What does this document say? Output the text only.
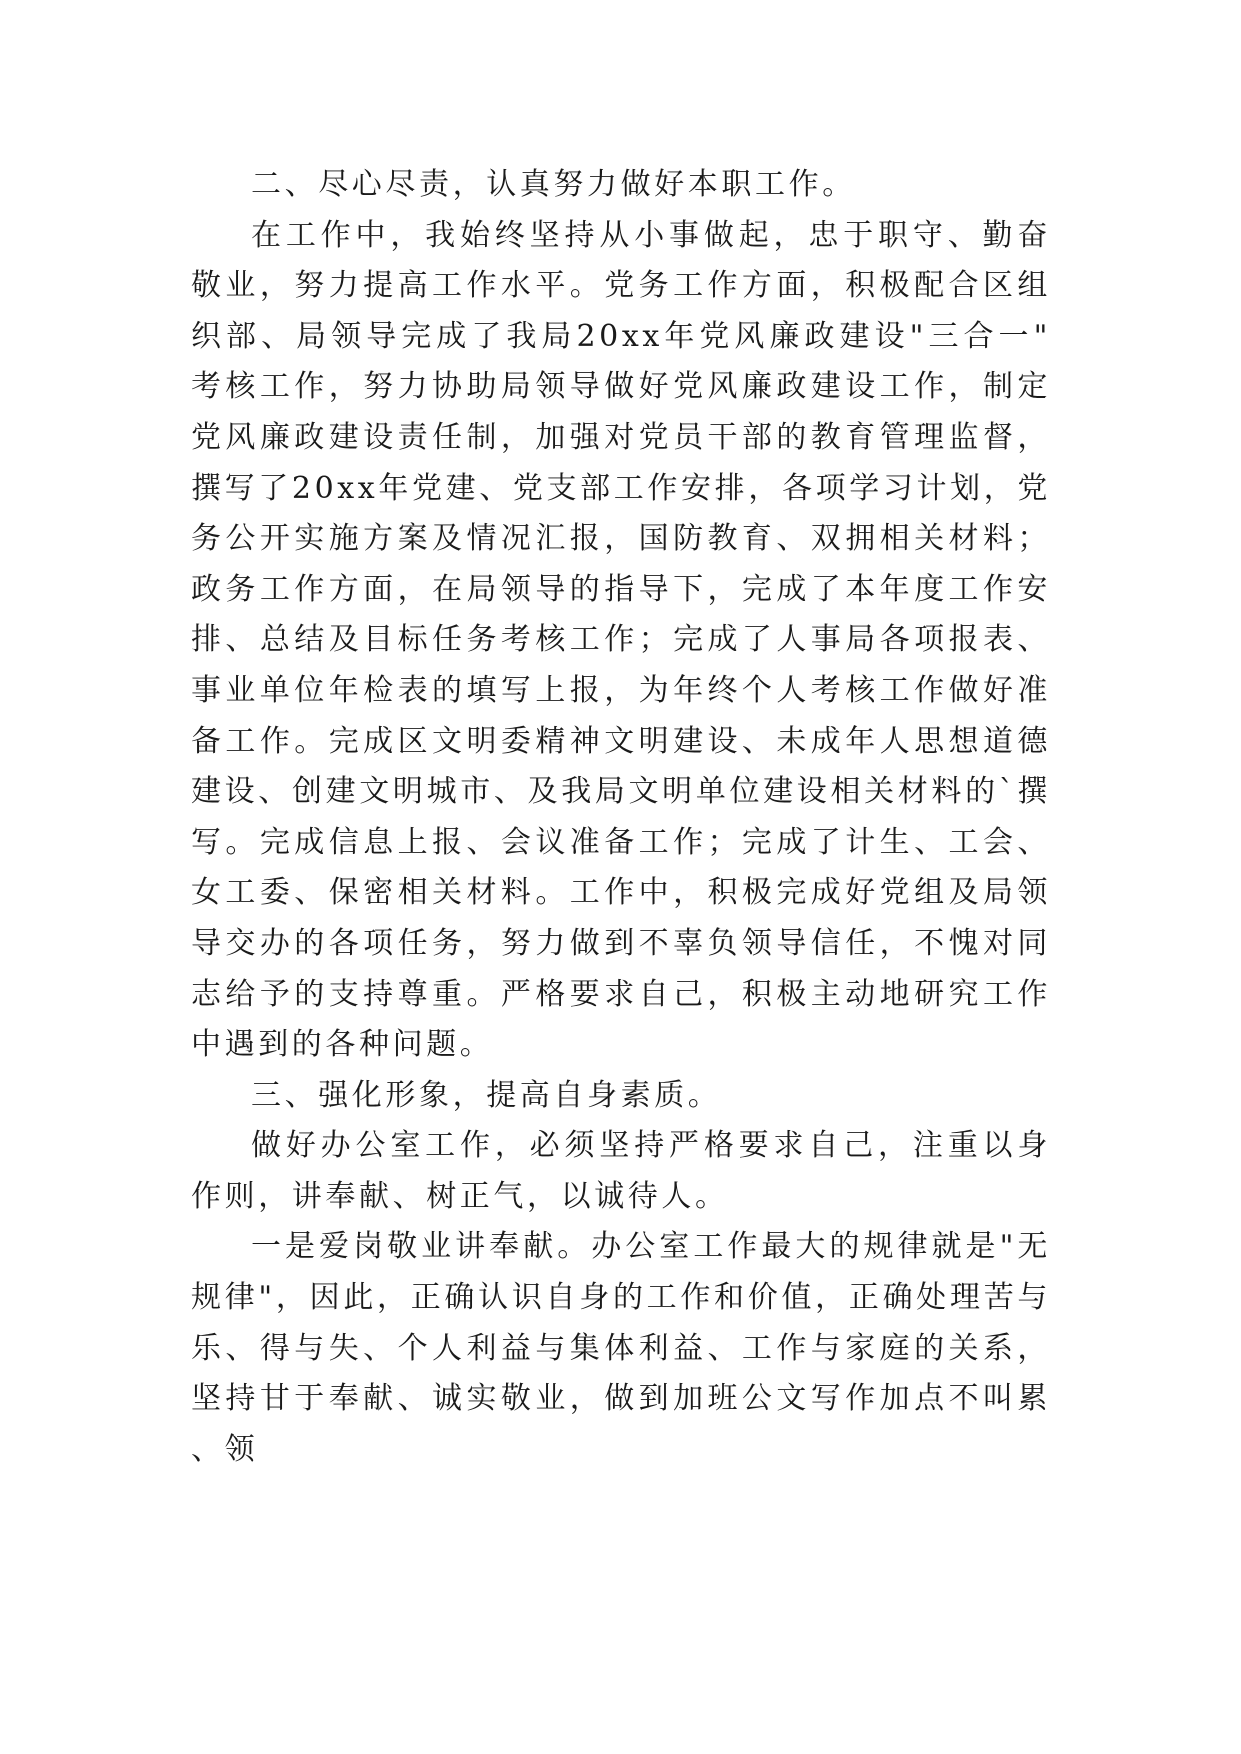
二、尽心尽责，认真努力做好本职工作。

在工作中，我始终坚持从小事做起，忠于职守、勤奋敬业，努力提高工作水平。党务工作方面，积极配合区组织部、局领导完成了我局20xx年党风廉政建设"三合一"考核工作，努力协助局领导做好党风廉政建设工作，制定党风廉政建设责任制，加强对党员干部的教育管理监督，撰写了20xx年党建、党支部工作安排，各项学习计划，党务公开实施方案及情况汇报，国防教育、双拥相关材料；政务工作方面，在局领导的指导下，完成了本年度工作安排、总结及目标任务考核工作；完成了人事局各项报表、事业单位年检表的填写上报，为年终个人考核工作做好准备工作。完成区文明委精神文明建设、未成年人思想道德建设、创建文明城市、及我局文明单位建设相关材料的`撰写。完成信息上报、会议准备工作；完成了计生、工会、女工委、保密相关材料。工作中，积极完成好党组及局领导交办的各项任务，努力做到不辜负领导信任，不愧对同志给予的支持尊重。严格要求自己，积极主动地研究工作中遇到的各种问题。

三、强化形象，提高自身素质。

做好办公室工作，必须坚持严格要求自己，注重以身作则，讲奉献、树正气，以诚待人。

一是爱岗敬业讲奉献。办公室工作最大的规律就是"无规律"，因此，正确认识自身的工作和价值，正确处理苦与乐、得与失、个人利益与集体利益、工作与家庭的关系，坚持甘于奉献、诚实敬业，做到加班公文写作加点不叫累、领
